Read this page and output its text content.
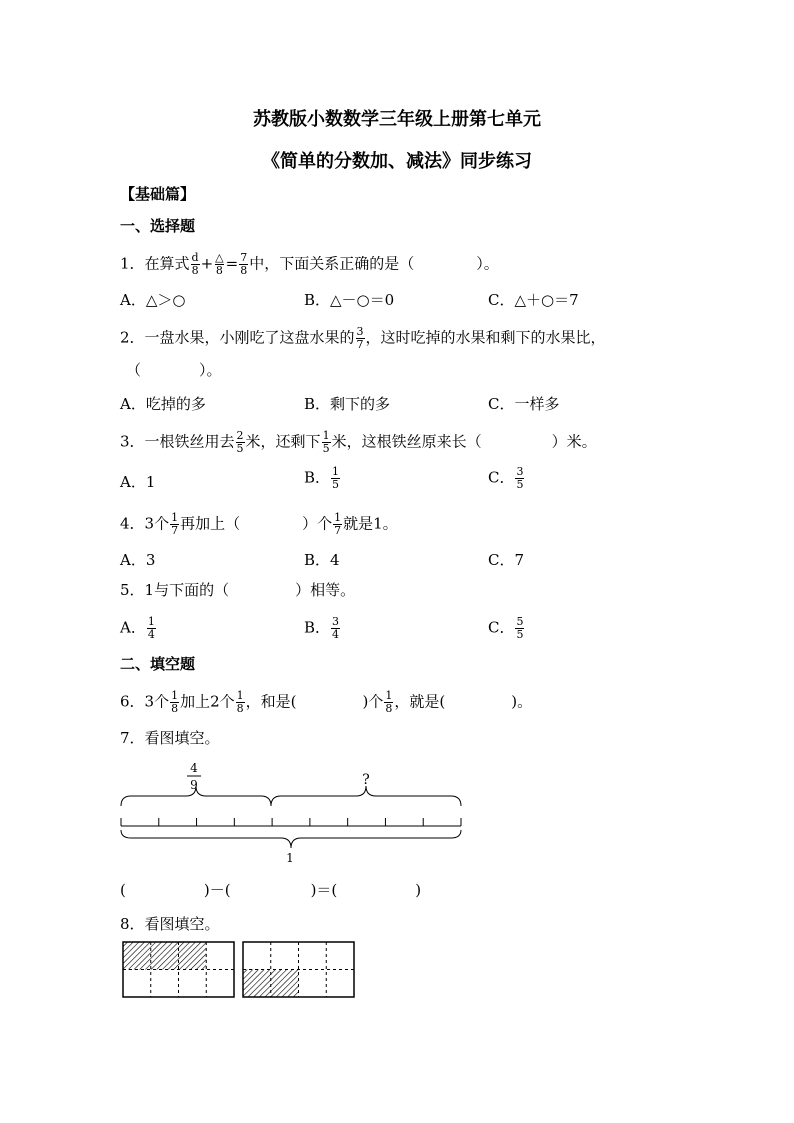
苏教版小数数学三年级上册第七单元
《简单的分数加、减法》同步练习
【基础篇】
一、选择题
1．在算式 $\frac{d}{8} + \frac{\triangle}{8} = \frac{7}{8}$ 中，下面关系正确的是（	）。
A．△＞○	B．△－○＝0	C．△＋○＝7
2．一盘水果，小刚吃了这盘水果的 $\frac{3}{7}$ ，这时吃掉的水果和剩下的水果比，
（	）。
A．吃掉的多	B．剩下的多	C．一样多
3．一根铁丝用去 $\frac{2}{5}$ 米，还剩下 $\frac{1}{5}$ 米，这根铁丝原来长（	）米。
A．1	B． $\frac{1}{5}$	C． $\frac{3}{5}$
4．3个 $\frac{1}{7}$ 再加上（	）个 $\frac{1}{7}$ 就是1。
A．3	B．4	C．7
5．1与下面的（	）相等。
A． $\frac{1}{4}$	B． $\frac{3}{4}$	C． $\frac{5}{5}$
二、填空题
6．3个 $\frac{1}{8}$ 加上2个 $\frac{1}{8}$ ，和是(	)个 $\frac{1}{8}$ ，就是(	)。
7．看图填空。
4
9	?
1
(	)－(	)＝(	)
8．看图填空。
